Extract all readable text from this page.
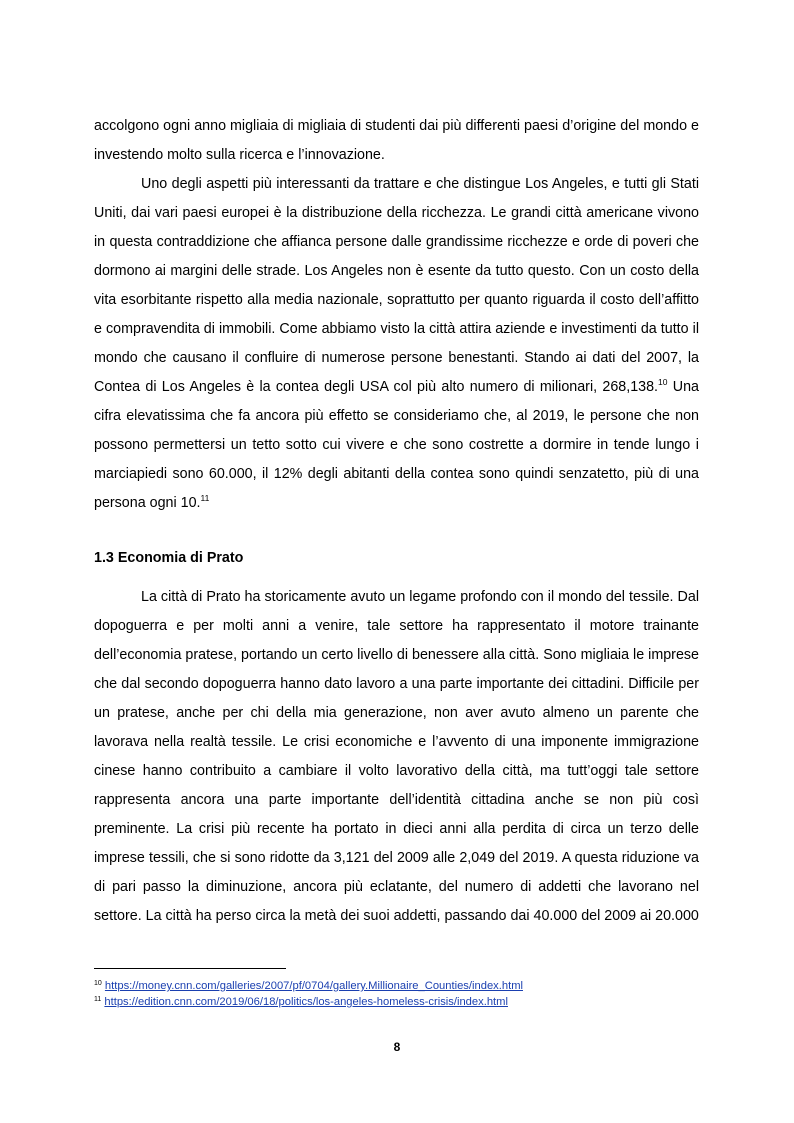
accolgono ogni anno migliaia di migliaia di studenti dai più differenti paesi d’origine del mondo e investendo molto sulla ricerca e l’innovazione.

Uno degli aspetti più interessanti da trattare e che distingue Los Angeles, e tutti gli Stati Uniti, dai vari paesi europei è la distribuzione della ricchezza. Le grandi città americane vivono in questa contraddizione che affianca persone dalle grandissime ricchezze e orde di poveri che dormono ai margini delle strade. Los Angeles non è esente da tutto questo. Con un costo della vita esorbitante rispetto alla media nazionale, soprattutto per quanto riguarda il costo dell’affitto e compravendita di immobili. Come abbiamo visto la città attira aziende e investimenti da tutto il mondo che causano il confluire di numerose persone benestanti. Stando ai dati del 2007, la Contea di Los Angeles è la contea degli USA col più alto numero di milionari, 268,138.10 Una cifra elevatissima che fa ancora più effetto se consideriamo che, al 2019, le persone che non possono permettersi un tetto sotto cui vivere e che sono costrette a dormire in tende lungo i marciapiedi sono 60.000, il 12% degli abitanti della contea sono quindi senzatetto, più di una persona ogni 10.11

1.3 Economia di Prato

La città di Prato ha storicamente avuto un legame profondo con il mondo del tessile. Dal dopoguerra e per molti anni a venire, tale settore ha rappresentato il motore trainante dell’economia pratese, portando un certo livello di benessere alla città. Sono migliaia le imprese che dal secondo dopoguerra hanno dato lavoro a una parte importante dei cittadini. Difficile per un pratese, anche per chi della mia generazione, non aver avuto almeno un parente che lavorava nella realtà tessile. Le crisi economiche e l’avvento di una imponente immigrazione cinese hanno contribuito a cambiare il volto lavorativo della città, ma tutt’oggi tale settore rappresenta ancora una parte importante dell’identità cittadina anche se non più così preminente. La crisi più recente ha portato in dieci anni alla perdita di circa un terzo delle imprese tessili, che si sono ridotte da 3,121 del 2009 alle 2,049 del 2019. A questa riduzione va di pari passo la diminuzione, ancora più eclatante, del numero di addetti che lavorano nel settore. La città ha perso circa la metà dei suoi addetti, passando dai 40.000 del 2009 ai 20.000

$^{10}$ https://money.cnn.com/galleries/2007/pf/0704/gallery.Millionaire_Counties/index.html

$^{11}$ https://edition.cnn.com/2019/06/18/politics/los-angeles-homeless-crisis/index.html

8
